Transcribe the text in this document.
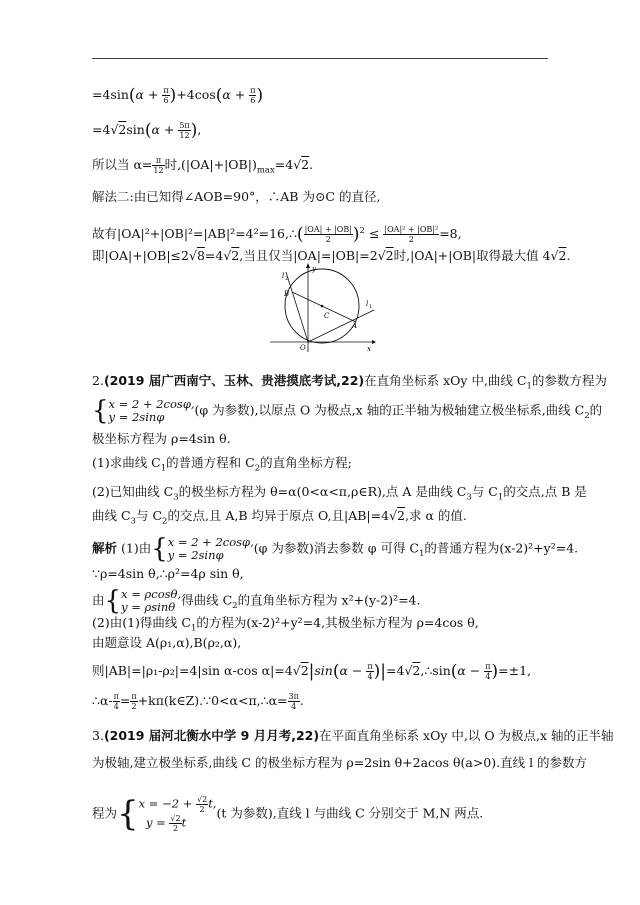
$=4\sin(\alpha + \frac{\pi}{6} )+4\cos(\alpha + \frac{\pi}{6}$ )
$=4√2\sin(\alpha + \frac{5\pi}{12}$ ),
所以当 $\alpha= \frac{\pi}{12}$ 时$,(|OA|+|OB|)_{max}=4√2$.
解法二:由已知得∠AOB=90°，∴AB 为⊙C 的直径,
故有|OA|²+|OB|²=|AB|²=4²=16,∴( $\frac{|OA| + |OB|}{2} )^2 \le \frac{\text{|OA|² + |OB|²}}{2} =8$,
即|OA|+|OB|≤2√8=4√2,当且仅当|OA|=|OB|=2√2时,|OA|+|OB|取得最大值 4√2.
y
l 2
B
C
l 1
A
O	x
2.(2019 届广西南宁、玉林、贵港摸底考试,22)在直角坐标系 xOy 中,曲线 $C_1$的参数方程为
{x = 2 + 2cosφ,
y = 2sinφ (φ 为参数),以原点 O 为极点,x 轴的正半轴为极轴建立极坐标系,曲线 $C_2$的
极坐标方程为 ρ=4sin θ.
(1)求曲线 $C_1$的普通方程和 $C_2$的直角坐标方程;
(2)已知曲线 $C_3$的极坐标方程为 θ=α(0<α<π,ρ∈R),点 A 是曲线 $C_3$与 $C_1$的交点,点 B 是
曲线 $C_3$与 $C_2$的交点,且 A,B 均异于原点 O,且|AB|=4√2,求 α 的值.
解析 (1)由{x = 2 + 2cosφ,
y = 2sinφ (φ 为参数)消去参数 φ 可得 $C_1$的普通方程为(x-2)²+y²=4.
∵ρ=4sin θ,∴ρ²=4ρ sin θ,
由{x = ρcosθ,
y = ρsinθ 得曲线 $C_2$的直角坐标方程为 x²+(y-2)²=4.
(2)由(1)得曲线 $C_1$的方程为(x-2)²+y²=4,其极坐标方程为 ρ=4cos θ,
由题意设 A(ρ₁,α),B(ρ₂,α),
则|AB|=|ρ₁-ρ₂|=4|sin α-cos $\alpha|=4√2|\sin(\alpha - \frac{\pi}{4}$ )|=4√2,∴sin(α − $\frac{\pi}{4} )=\pm 1$,
∴α- $\frac{\pi}{4} = \frac{\pi}{2}$ +kπ(k∈Z).∵0<α<π,∴α= $\frac{3\pi}{4}$ .
3.(2019 届河北衡水中学 9 月月考,22)在平面直角坐标系 xOy 中,以 O 为极点,x 轴的正半轴
为极轴,建立极坐标系,曲线 C 的极坐标方程为 ρ=2sin θ+2acos θ(a>0).直线 l 的参数方
程为{$x = -2 + \frac{√2}{2} t$,
$y = \frac{√2}{2} t(t$ 为参数),直线 l 与曲线 C 分别交于 M,N 两点.
